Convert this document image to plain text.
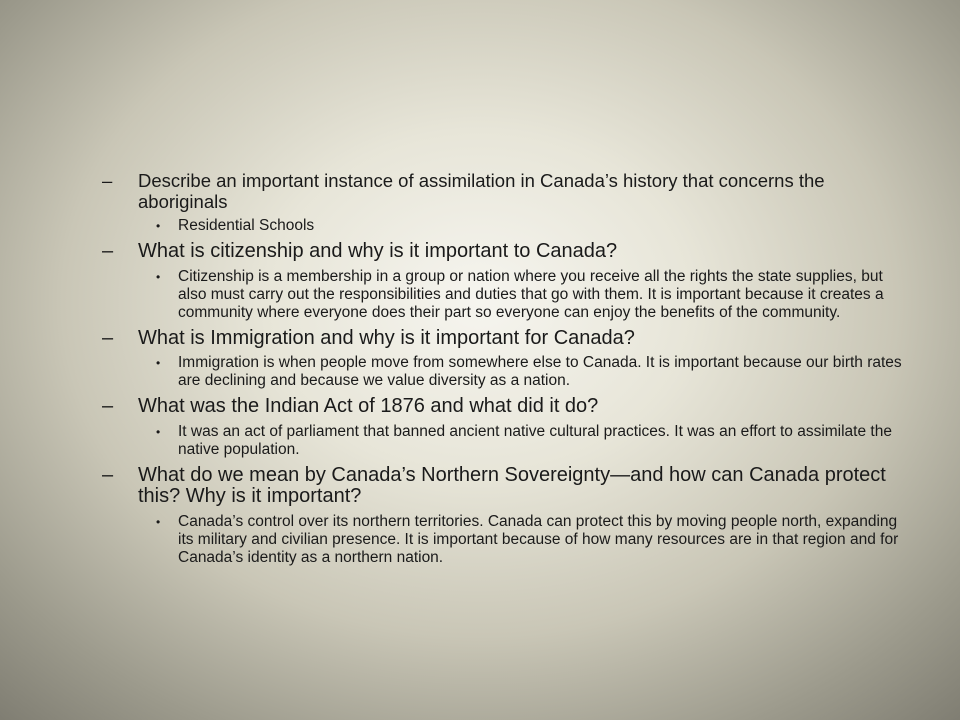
–	Describe an important instance of assimilation in Canada’s history that concerns the aboriginals

• Residential Schools

–	What is citizenship and why is it important to Canada?

• Citizenship is a membership in a group or nation where you receive all the rights the state supplies, but also must carry out the responsibilities and duties that go with them. It is important because it creates a community where everyone does their part so everyone can enjoy the benefits of the community.

–	What is Immigration and why is it important for Canada?

• Immigration is when people move from somewhere else to Canada. It is important because our birth rates are declining and because we value diversity as a nation.

–	What was the Indian Act of 1876 and what did it do?

• It was an act of parliament that banned ancient native cultural practices. It was an effort to assimilate the native population.

–	What do we mean by Canada’s Northern Sovereignty—and how can Canada protect this? Why is it important?

• Canada’s control over its northern territories. Canada can protect this by moving people north, expanding its military and civilian presence. It is important because of how many resources are in that region and for Canada’s identity as a northern nation.
